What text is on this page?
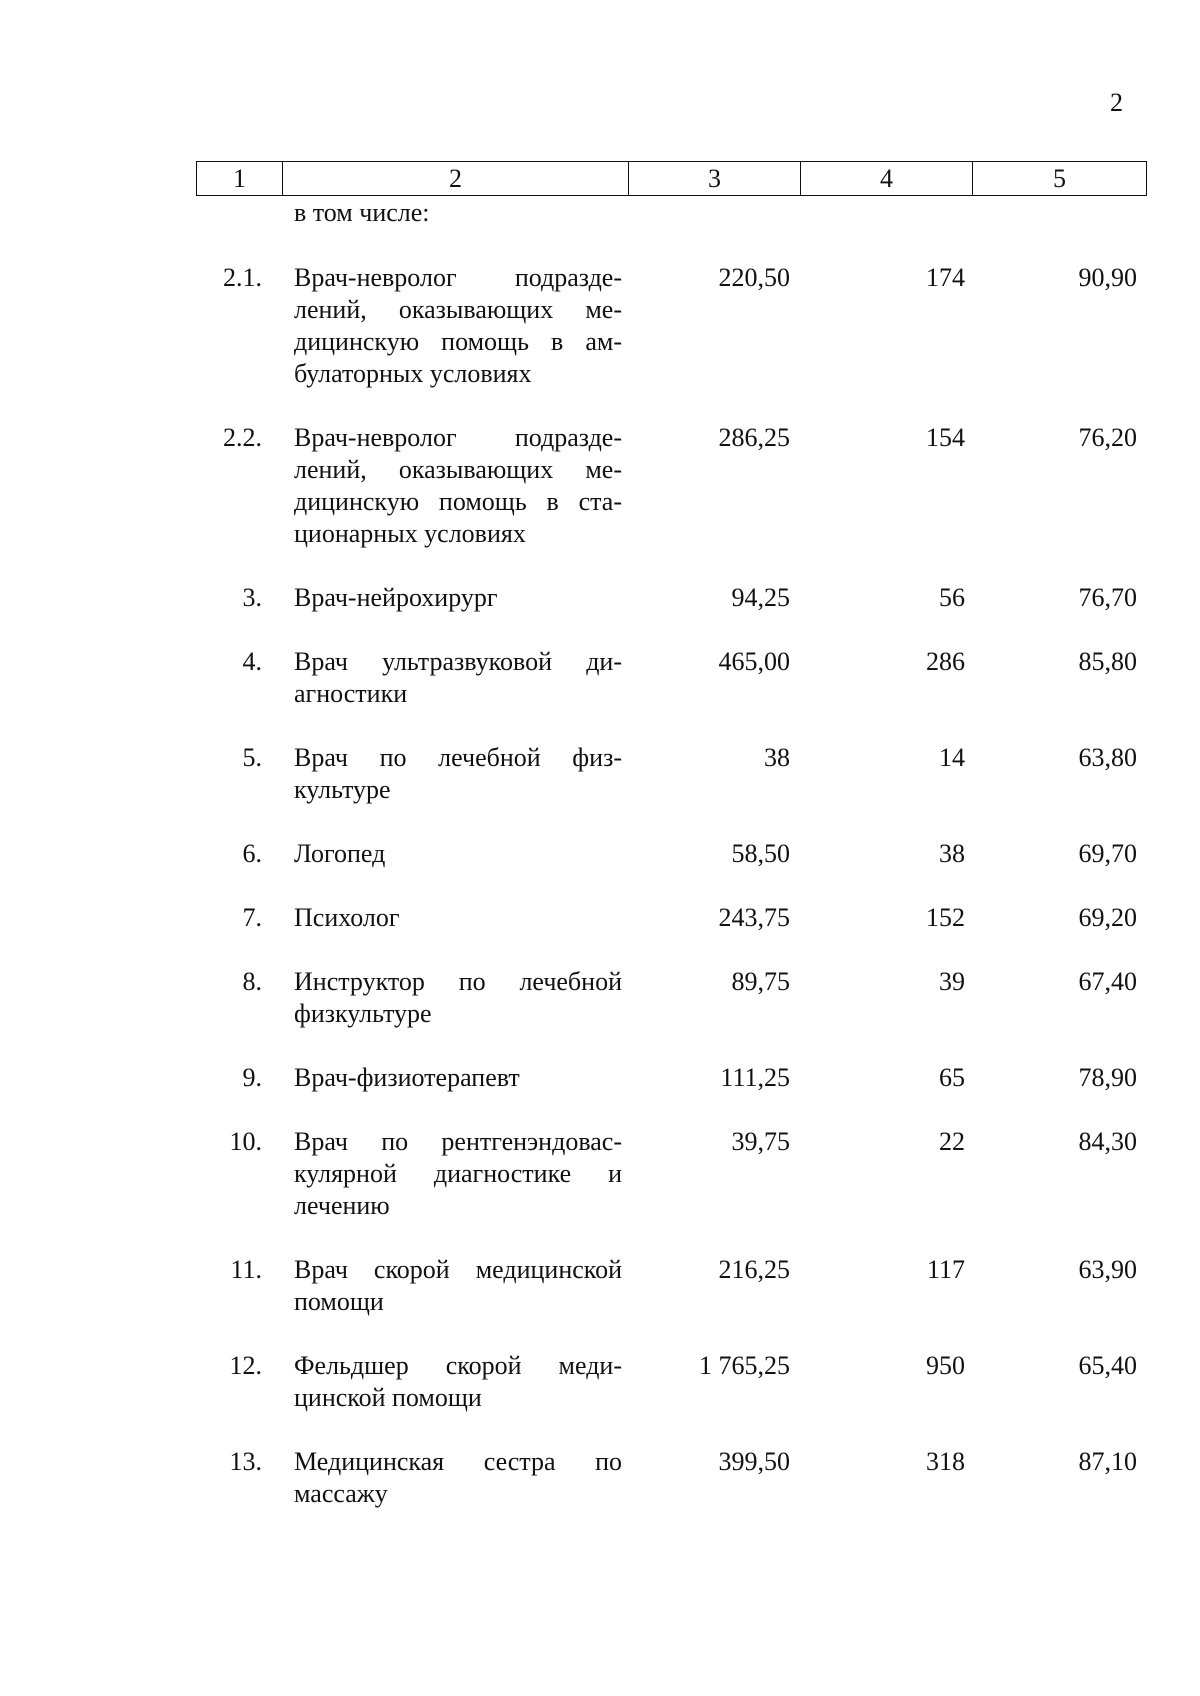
2
1	2	3	4	5
в том числе:
2.1. Врач-невролог подразде-
лений, оказывающих ме-
дицинскую помощь в ам-
булаторных условиях
220,50	174	90,90
2.2. Врач-невролог подразде-
лений, оказывающих ме-
дицинскую помощь в ста-
ционарных условиях
286,25	154	76,20
3. Врач-нейрохирург	94,25	56	76,70
4. Врач ультразвуковой ди-
агностики
465,00	286	85,80
5. Врач по лечебной физ-
культуре
38	14	63,80
6. Логопед	58,50	38	69,70
7. Психолог	243,75	152	69,20
8. Инструктор по лечебной
физкультуре
89,75	39	67,40
9. Врач-физиотерапевт	111,25	65	78,90
10. Врач по рентгенэндовас-
кулярной диагностике и
лечению
39,75	22	84,30
11. Врач скорой медицинской
помощи
216,25	117	63,90
12. Фельдшер скорой меди-
цинской помощи
1 765,25	950	65,40
13. Медицинская сестра по
массажу
399,50	318	87,10
